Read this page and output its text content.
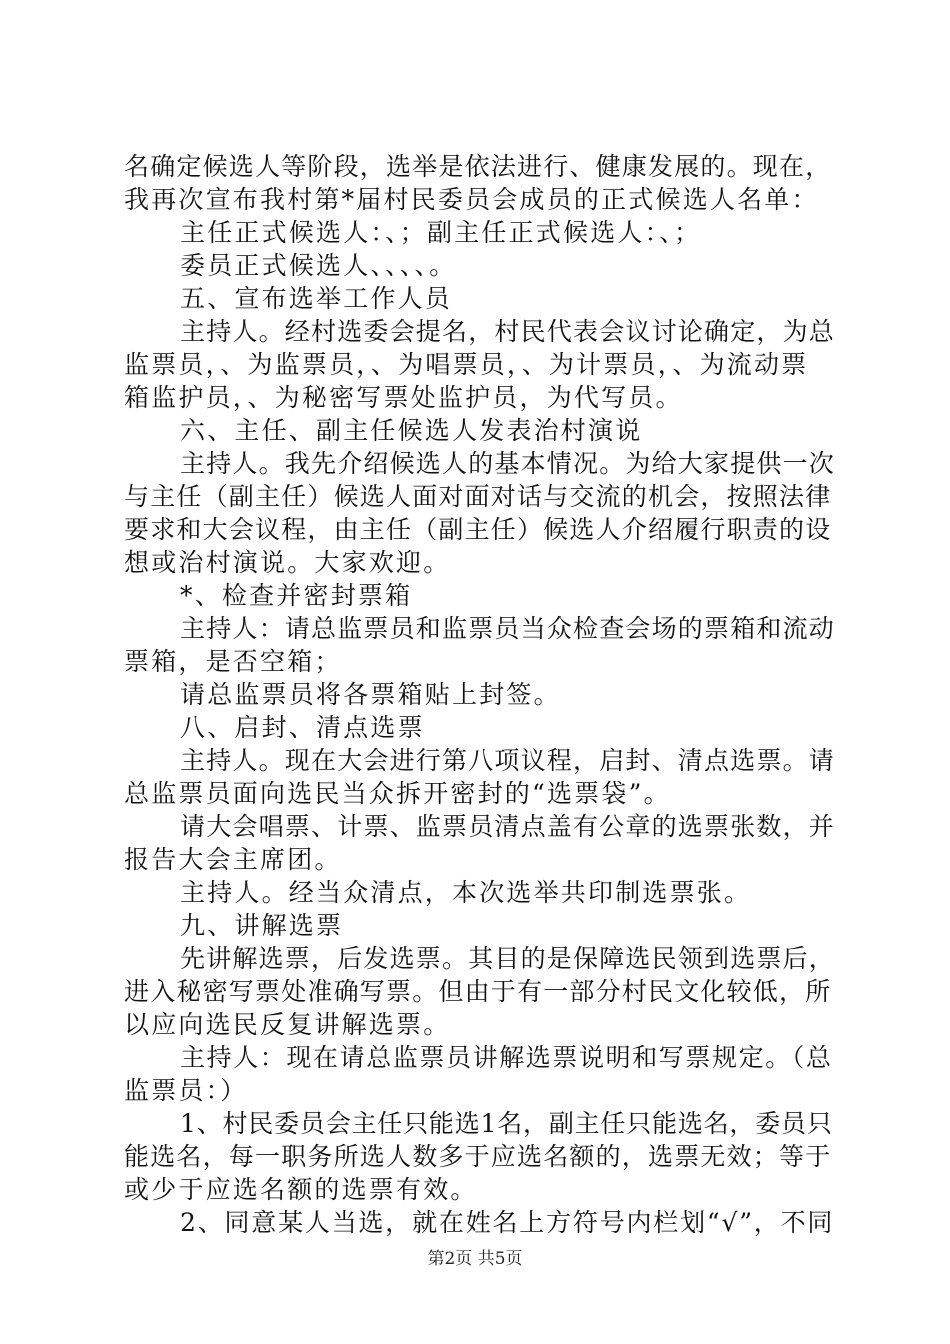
名确定候选人等阶段，选举是依法进行、健康发展的。现在，
我再次宣布我村第*届村民委员会成员的正式候选人名单：
主任正式候选人：、；副主任正式候选人：、；
委员正式候选人、、、、。
五、宣布选举工作人员
主持人。经村选委会提名，村民代表会议讨论确定，为总
监票员，、为监票员，、为唱票员，、为计票员，、为流动票
箱监护员，、为秘密写票处监护员，为代写员。
六、主任、副主任候选人发表治村演说
主持人。我先介绍候选人的基本情况。为给大家提供一次
与主任（副主任）候选人面对面对话与交流的机会，按照法律
要求和大会议程，由主任（副主任）候选人介绍履行职责的设
想或治村演说。大家欢迎。
*、检查并密封票箱
主持人：请总监票员和监票员当众检查会场的票箱和流动
票箱，是否空箱；
请总监票员将各票箱贴上封签。
八、启封、清点选票
主持人。现在大会进行第八项议程，启封、清点选票。请
总监票员面向选民当众拆开密封的“选票袋”。
请大会唱票、计票、监票员清点盖有公章的选票张数，并
报告大会主席团。
主持人。经当众清点，本次选举共印制选票张。
九、讲解选票
先讲解选票，后发选票。其目的是保障选民领到选票后，
进入秘密写票处准确写票。但由于有一部分村民文化较低，所
以应向选民反复讲解选票。
主持人：现在请总监票员讲解选票说明和写票规定。（总
监票员：）
1、村民委员会主任只能选1名，副主任只能选名，委员只
能选名，每一职务所选人数多于应选名额的，选票无效；等于
或少于应选名额的选票有效。
2、同意某人当选，就在姓名上方符号内栏划“√”，不同
第2页 共5页
